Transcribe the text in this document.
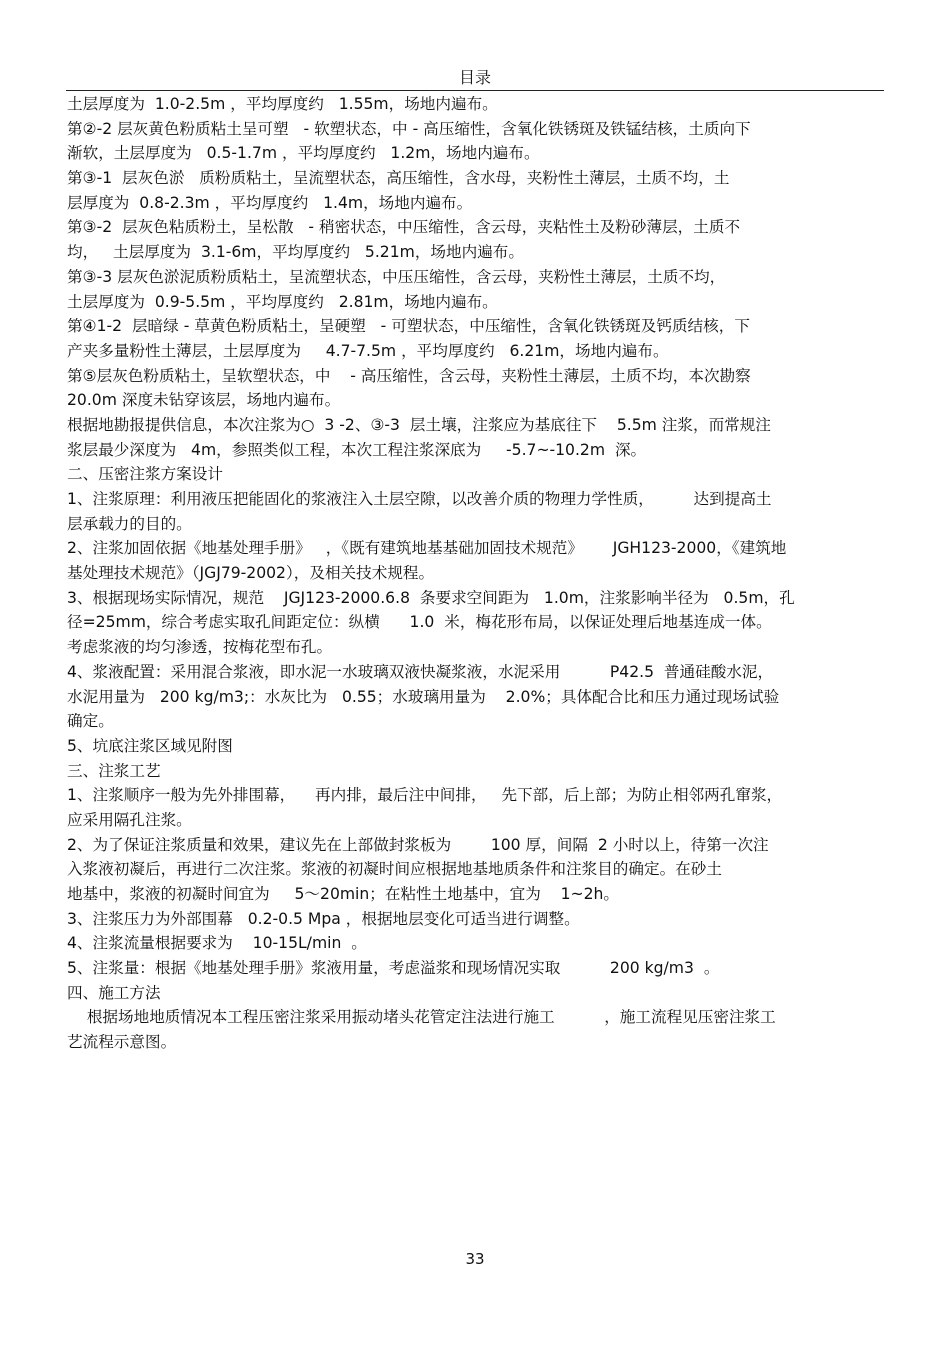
目录
土层厚度为  1.0-2.5m ，平均厚度约   1.55m，场地内遍布。
第②-2 层灰黄色粉质粘土呈可塑   - 软塑状态，中 - 高压缩性，含氧化铁锈斑及铁锰结核，土质向下
渐软，土层厚度为   0.5-1.7m ，平均厚度约   1.2m，场地内遍布。
第③-1  层灰色淤   质粉质粘土，呈流塑状态，高压缩性，含水母，夹粉性土薄层，土质不均，土
层厚度为  0.8-2.3m ，平均厚度约   1.4m，场地内遍布。
第③-2  层灰色粘质粉土，呈松散   - 稍密状态，中压缩性，含云母，夹粘性土及粉砂薄层，土质不
均，   土层厚度为  3.1-6m，平均厚度约   5.21m，场地内遍布。
第③-3 层灰色淤泥质粉质粘土，呈流塑状态，中压压缩性，含云母，夹粉性土薄层，土质不均，
土层厚度为  0.9-5.5m ，平均厚度约   2.81m，场地内遍布。
第④1-2  层暗绿 - 草黄色粉质粘土，呈硬塑   - 可塑状态，中压缩性，含氧化铁锈斑及钙质结核，下
产夹多量粉性土薄层，土层厚度为     4.7-7.5m ，平均厚度约   6.21m，场地内遍布。
第⑤层灰色粉质粘土，呈软塑状态，中    - 高压缩性，含云母，夹粉性土薄层，土质不均，本次勘察
20.0m 深度未钻穿该层，场地内遍布。
根据地勘报提供信息，本次注浆为○  3 -2、③-3  层土壤，注浆应为基底往下    5.5m 注浆，而常规注
浆层最少深度为   4m，参照类似工程，本次工程注浆深底为     -5.7~-10.2m  深。
二、压密注浆方案设计
1、注浆原理：利用液压把能固化的浆液注入土层空隙，以改善介质的物理力学性质，        达到提高土
层承载力的目的。
2、注浆加固依据《地基处理手册》   ，《既有建筑地基基础加固技术规范》      JGH123-2000，《建筑地
基处理技术规范》（JGJ79-2002），及相关技术规程。
3、根据现场实际情况，规范    JGJ123-2000.6.8  条要求空间距为   1.0m，注浆影响半径为   0.5m，孔
径=25mm，综合考虑实取孔间距定位：纵横      1.0  米，梅花形布局，以保证处理后地基连成一体。
考虑浆液的均匀渗透，按梅花型布孔。
4、浆液配置：采用混合浆液，即水泥一水玻璃双液快凝浆液，水泥采用          P42.5  普通硅酸水泥，
水泥用量为   200 kg/m3;：水灰比为   0.55；水玻璃用量为    2.0%；具体配合比和压力通过现场试验
确定。
5、坑底注浆区域见附图
三、注浆工艺
1、注浆顺序一般为先外排围幕，    再内排，最后注中间排，   先下部，后上部；为防止相邻两孔窜浆，
应采用隔孔注浆。
2、为了保证注浆质量和效果，建议先在上部做封浆板为        100 厚，间隔  2 小时以上，待第一次注
入浆液初凝后，再进行二次注浆。浆液的初凝时间应根据地基地质条件和注浆目的确定。在砂土
地基中，浆液的初凝时间宜为     5～20min；在粘性土地基中，宜为    1~2h。
3、注浆压力为外部围幕   0.2-0.5 Mpa ，根据地层变化可适当进行调整。
4、注浆流量根据要求为    10-15L/min  。
5、注浆量：根据《地基处理手册》浆液用量，考虑溢浆和现场情况实取          200 kg/m3  。
四、施工方法
根据场地地质情况本工程压密注浆采用振动堵头花管定注法进行施工          ，施工流程见压密注浆工
艺流程示意图。
33
